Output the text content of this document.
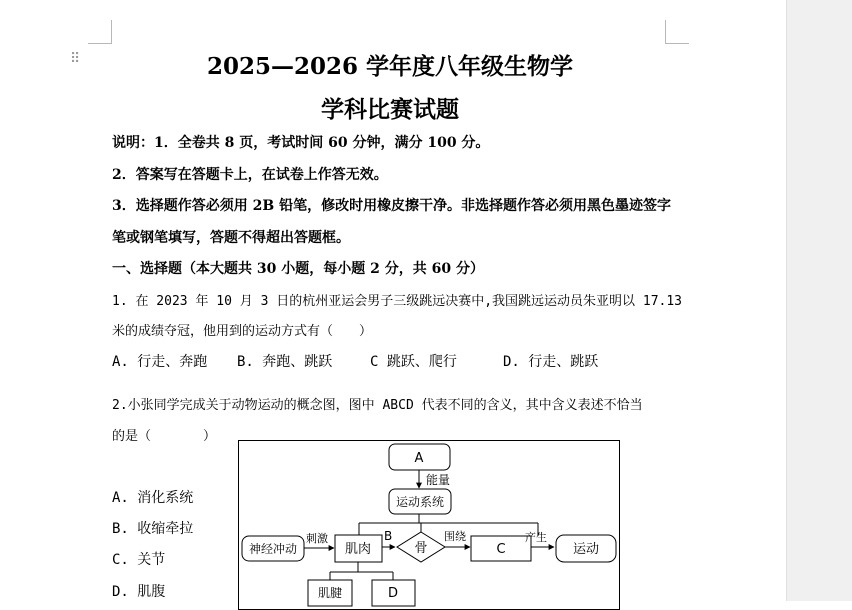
⠿	2025—2026 学年度八年级生物学
学科比赛试题
说明：1．全卷共 8 页，考试时间 60 分钟，满分 100 分。
2．答案写在答题卡上，在试卷上作答无效。
3．选择题作答必须用 2B 铅笔，修改时用橡皮擦干净。非选择题作答必须用黑色墨迹签字
笔或钢笔填写，答题不得超出答题框。
一、选择题（本大题共 30 小题，每小题 2 分，共 60 分）
1. 在 2023 年 10 月 3 日的杭州亚运会男子三级跳远决赛中,我国跳远运动员朱亚明以 17.13
米的成绩夺冠，他用到的运动方式有（　　）
A. 行走、奔跑 B. 奔跑、跳跃	C 跳跃、爬行	D. 行走、跳跃
2.小张同学完成关于动物运动的概念图，图中 ABCD 代表不同的含义，其中含义表述不恰当
的是（　　　　）
A. 消化系统
B. 收缩牵拉
C. 关节
D. 肌腹
A
能量
运动系统
神经冲动
刺激
肌肉
B
骨
围绕
C
产生
运动
肌腱	D
